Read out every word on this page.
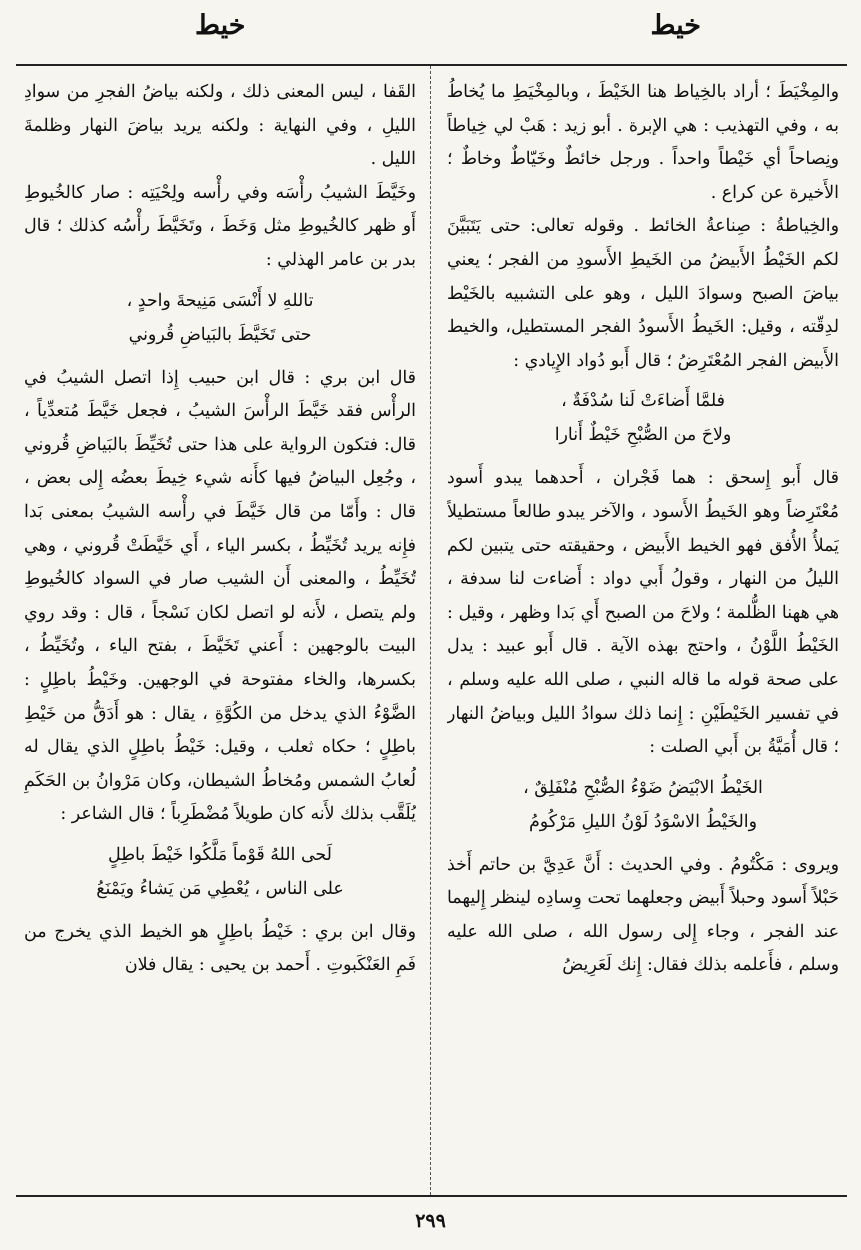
خيط
خيط

والمِخْيَطَ ؛ أراد بالخِياط هنا الخَيْطَ ، وبالمِخْيَطِ ما يُخاطُ به ، وفي التهذيب : هي الإبرة . أبو زيد : هَبْ لي خِياطاً ونِصاحاً أي خَيْطاً واحداً . ورجل خائطٌ وخَيّاطٌ وخاطٌ ؛ الأَخيرة عن كراع .

والخِياطةُ : صِناعةُ الخائط . وقوله تعالى: حتى يَتَبَيَّنَ لكم الخَيْطُ الأَبيضُ من الخَيطِ الأَسودِ من الفجر ؛ يعني بياضَ الصبح وسوادَ الليل ، وهو على التشبيه بالخَيْط لدِقّته ، وقيل: الخَيطُ الأَسودُ الفجر المستطيل، والخيط الأَبيض الفجر المُعْتَرِضُ ؛ قال أَبو دُواد الإِيادي :

فلمَّا أَضاءَتْ لَنا سُدْفَةٌ ،
ولاحَ من الصُّبْحِ خَيْطٌ أَنارا

قال أَبو إِسحق : هما فَجْران ، أَحدهما يبدو أَسود مُعْتَرِضاً وهو الخَيطُ الأَسود ، والآخر يبدو طالعاً مستطيلاً يَملأُ الأُفق فهو الخيط الأَبيض ، وحقيقته حتى يتبين لكم الليلُ من النهار ، وقولُ أَبي دواد : أَضاءت لنا سدفة ، هي ههنا الظُّلمة ؛ ولاحَ من الصبح أَي بَدا وظهر ، وقيل : الخَيْطُ اللَّوْنُ ، واحتج بهذه الآية . قال أَبو عبيد : يدل على صحة قوله ما قاله النبي ، صلى الله عليه وسلم ، في تفسير الخَيْطَيْنِ : إِنما ذلك سوادُ الليل وبياضُ النهار ؛ قال أُمَيَّةُ بن أَبي الصلت :

الخَيْطُ الابْيَضُ ضَوْءُ الصُّبْحِ مُنْفَلِقٌ ،
والخَيْطُ الاسْوَدُ لَوْنُ الليلِ مَرْكُومُ

ويروى : مَكْتُومُ . وفي الحديث : أَنَّ عَدِيَّ بن حاتم أَخذ حَبْلاً أَسود وحبلاً أَبيض وجعلهما تحت وِسادِه لينظر إِليهما عند الفجر ، وجاء إِلى رسول الله ، صلى الله عليه وسلم ، فأَعلمه بذلك فقال: إِنك لَعَرِيضُ

القَفا ، ليس المعنى ذلك ، ولكنه بياضُ الفجرِ من سوادِ الليلِ ، وفي النهاية : ولكنه يريد بياضَ النهار وظلمةَ الليل .

وخَيَّطَ الشيبُ رأْسَه وفي رأْسه ولِحْيَتِه : صار كالخُيوطِ أَو ظهر كالخُيوطِ مثل وَخَطَ ، وتَخَيَّطَ رأْسُه كذلك ؛ قال بدر بن عامر الهذلي :

تاللهِ لا أَنْسَى مَنِيحةَ واحدٍ ،
حتى تَخَيَّطَ بالبَياضِ قُروني

قال ابن بري : قال ابن حبيب إِذا اتصل الشيبُ في الرأْس فقد خَيَّطَ الرأْسَ الشيبُ ، فجعل خَيَّطَ مُتعدِّياً ، قال: فتكون الرواية على هذا حتى تُخَيِّطَ بالبَياضِ قُروني ، وجُعِل البياضُ فيها كأَنه شيء خِيطَ بعضُه إِلى بعض ، قال : وأَمّا من قال خَيَّطَ في رأْسه الشيبُ بمعنى بَدا فإِنه يريد تُخَيِّطُ ، بكسر الياء ، أَي خَيَّطَتْ قُروني ، وهي تُخَيِّطُ ، والمعنى أَن الشيب صار في السواد كالخُيوطِ ولم يتصل ، لأَنه لو اتصل لكان نَسْجاً ، قال : وقد روي البيت بالوجهين : أَعني تَخَيَّطَ ، بفتح الياء ، وتُخَيِّطُ ، بكسرها، والخاء مفتوحة في الوجهين. وخَيْطُ باطِلٍ : الضَّوْءُ الذي يدخل من الكُوَّةِ ، يقال : هو أَدَقُّ من خَيْطِ باطِلٍ ؛ حكاه ثعلب ، وقيل: خَيْطُ باطِلٍ الذي يقال له لُعابُ الشمس ومُخاطُ الشيطان، وكان مَرْوانُ بن الحَكَمِ يُلَقَّب بذلك لأَنه كان طويلاً مُضْطَرِباً ؛ قال الشاعر :

لَحى اللهُ قَوْماً مَلَّكُوا خَيْطَ باطِلٍ
على الناس ، يُعْطِي مَن يَشاءُ ويَمْنَعُ

وقال ابن بري : خَيْطُ باطِلٍ هو الخيط الذي يخرج من فَمِ العَنْكَبوتِ . أَحمد بن يحيى : يقال فلان

٢٩٩
